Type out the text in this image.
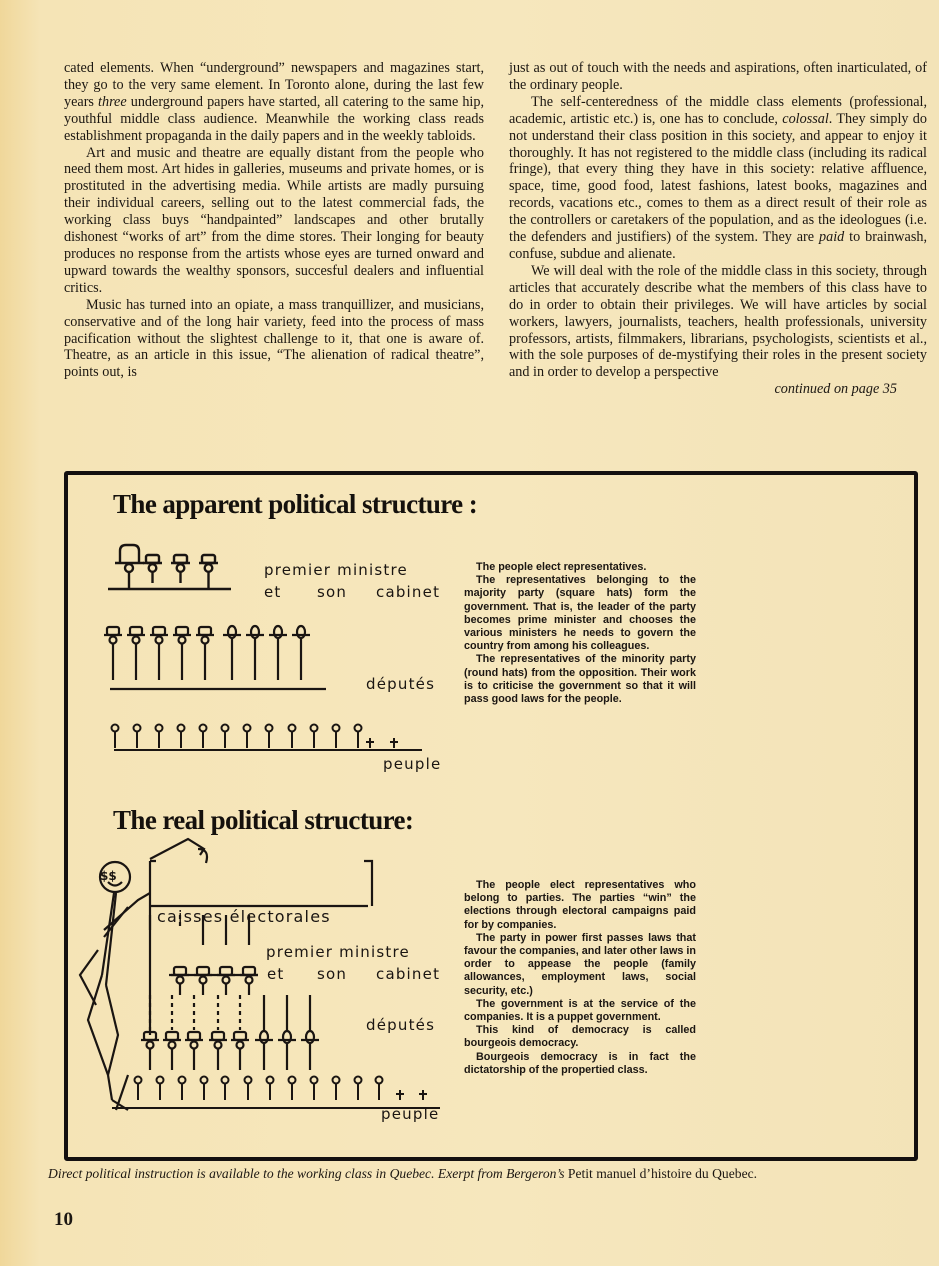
cated elements. When “underground” newspapers and magazines start, they go to the very same element. In Toronto alone, during the last few years three underground papers have started, all catering to the same hip, youthful middle class audience. Meanwhile the working class reads establishment propaganda in the daily papers and in the weekly tabloids.

Art and music and theatre are equally distant from the people who need them most. Art hides in galleries, museums and private homes, or is prostituted in the advertising media. While artists are madly pursuing their individual careers, selling out to the latest commercial fads, the working class buys “handpainted” landscapes and other brutally dishonest “works of art” from the dime stores. Their longing for beauty produces no response from the artists whose eyes are turned onward and upward towards the wealthy sponsors, succesful dealers and influential critics.

Music has turned into an opiate, a mass tranquillizer, and musicians, conservative and of the long hair variety, feed into the process of mass pacification without the slightest challenge to it, that one is aware of. Theatre, as an article in this issue, “The alienation of radical theatre”, points out, is

just as out of touch with the needs and aspirations, often inarticulated, of the ordinary people.

The self-centeredness of the middle class elements (professional, academic, artistic etc.) is, one has to conclude, colossal. They simply do not understand their class position in this society, and appear to enjoy it thoroughly. It has not registered to the middle class (including its radical fringe), that every thing they have in this society: relative affluence, space, time, good food, latest fashions, latest books, magazines and records, vacations etc., comes to them as a direct result of their role as the controllers or caretakers of the population, and as the ideologues (i.e. the defenders and justifiers) of the system. They are paid to brainwash, confuse, subdue and alienate.

We will deal with the role of the middle class in this society, through articles that accurately describe what the members of this class have to do in order to obtain their privileges. We will have articles by social workers, lawyers, journalists, teachers, health professionals, university professors, artists, filmmakers, librarians, psychologists, scientists et al., with the sole purposes of de-mystifying their roles in the present society and in order to develop a perspective

continued on page 35

The apparent political structure :
premier ministre
et son cabinet
députés
peuple

The people elect representatives.

The representatives belonging to the majority party (square hats) form the government. That is, the leader of the party becomes prime minister and chooses the various ministers he needs to govern the country from among his colleagues.

The representatives of the minority party (round hats) from the opposition. Their work is to criticise the government so that it will pass good laws for the people.

The real political structure:
$$
caisses électorales
premier ministre
et son cabinet
députés
peuple

The people elect representatives who belong to parties. The parties “win” the elections through electoral campaigns paid for by companies.

The party in power first passes laws that favour the companies, and later other laws in order to appease the people (family allowances, employment laws, social security, etc.)

The government is at the service of the companies. It is a puppet government.

This kind of democracy is called bourgeois democracy.

Bourgeois democracy is in fact the dictatorship of the propertied class.

Direct political instruction is available to the working class in Quebec. Exerpt from Bergeron’s Petit manuel d’histoire du Quebec.
10
